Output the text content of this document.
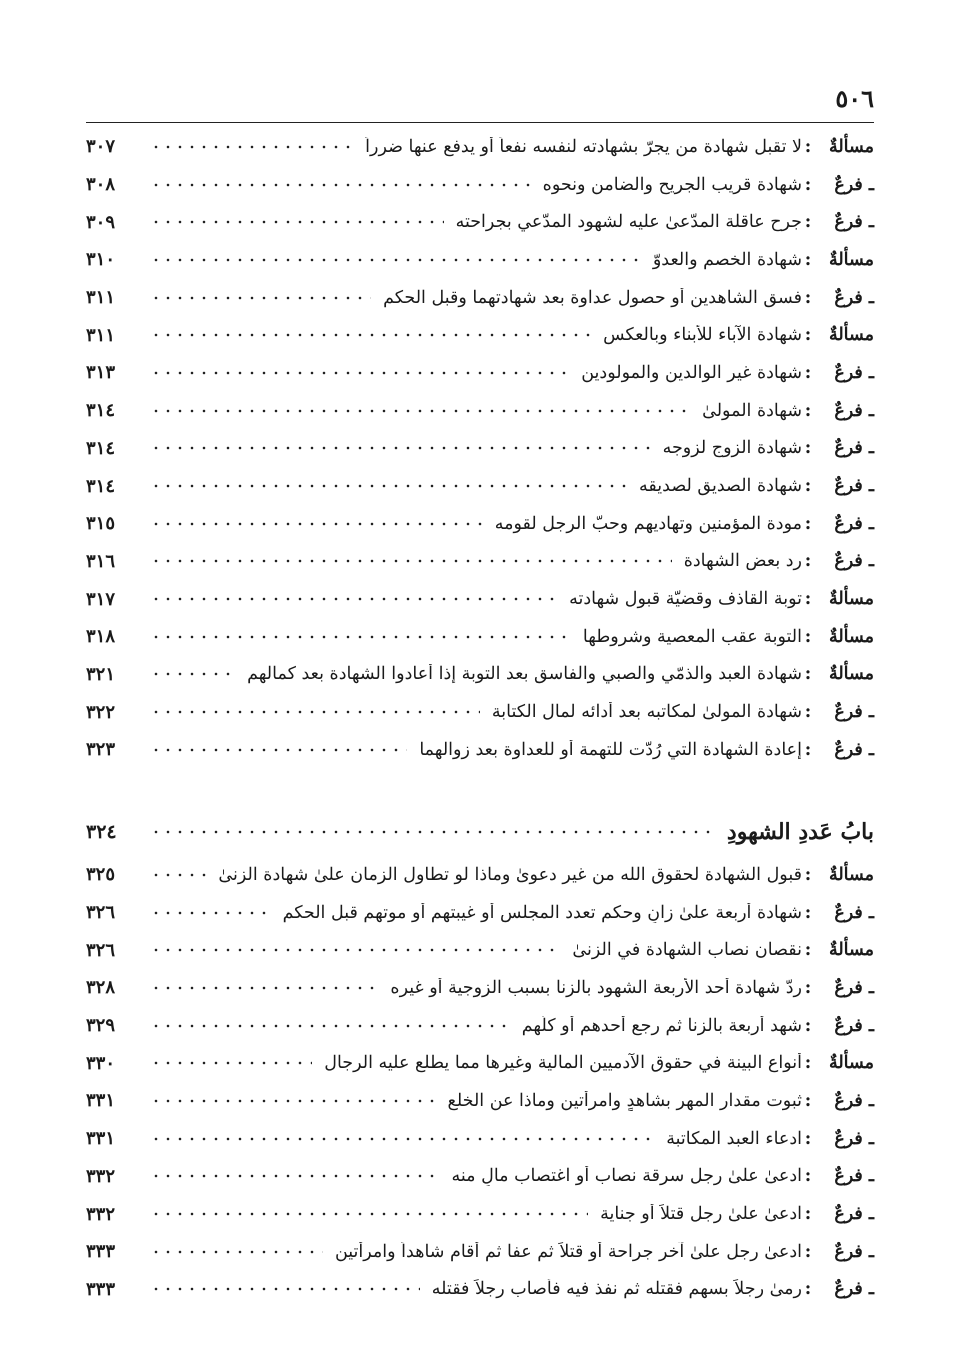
٥٠٦
مسألةٌ
:
لا تقبل شهادة من يجرّ بشهادته لنفسه نفعاً أو يدفع عنها ضرراً
٣٠٧
ـ فرعٌ
:
شهادة قريب الجريح والضامن ونحوه
٣٠٨
ـ فرعٌ
:
جرح عاقلة المدّعىٰ عليه لشهود المدّعي بجراحته
٣٠٩
مسألةٌ
:
شهادة الخصم والعدوّ
٣١٠
ـ فرعٌ
:
فسق الشاهدين أو حصول عداوة بعد شهادتهما وقبل الحكم
٣١١
مسألةٌ
:
شهادة الآباء للأبناء وبالعكس
٣١١
ـ فرعٌ
:
شهادة غير الوالدين والمولودين
٣١٣
ـ فرعٌ
:
شهادة المولىٰ
٣١٤
ـ فرعٌ
:
شهادة الزوج لزوجه
٣١٤
ـ فرعٌ
:
شهادة الصديق لصديقه
٣١٤
ـ فرعٌ
:
مودة المؤمنين وتهاديهم وحبّ الرجل لقومه
٣١٥
ـ فرعٌ
:
رد بعض الشهادة
٣١٦
مسألةٌ
:
توبة القاذف وقضيّة قبول شهادته
٣١٧
مسألةٌ
:
التوبة عقب المعصية وشروطها
٣١٨
مسألةٌ
:
شهادة العبد والذمّي والصبي والفاسق بعد التوبة إذا أعادوا الشهادة بعد كمالهم
٣٢١
ـ فرعٌ
:
شهادة المولىٰ لمكاتبه بعد أدائه لمال الكتابة
٣٢٢
ـ فرعٌ
:
إعادة الشهادة التي رُدّت للتهمة أو للعداوة بعد زوالهما
٣٢٣
بابُ عَددِ الشهودِ
٣٢٤
مسألةٌ
:
قبول الشهادة لحقوق الله من غير دعوىٰ وماذا لو تطاول الزمان علىٰ شهادة الزنىٰ
٣٢٥
ـ فرعٌ
:
شهادة أربعة علىٰ زانٍ وحكم تعدد المجلس أو غيبتهم أو موتهم قبل الحكم
٣٢٦
مسألةٌ
:
نقصان نصاب الشهادة في الزنىٰ
٣٢٦
ـ فرعٌ
:
ردّ شهادة أحد الأربعة الشهود بالزنا بسبب الزوجية أو غيره
٣٢٨
ـ فرعٌ
:
شهد أربعة بالزنا ثم رجع أحدهم أو كلّهم
٣٢٩
مسألةٌ
:
أنواع البينة في حقوق الآدميين المالية وغيرها مما يطلع عليه الرجال
٣٣٠
ـ فرعٌ
:
ثبوت مقدار المهر بشاهدٍ وامرأتين وماذا عن الخلع
٣٣١
ـ فرعٌ
:
ادعاء العبد المكاتبة
٣٣١
ـ فرعٌ
:
ادعىٰ علىٰ رجل سرقة نصاب أو اغتصاب مالٍ منه
٣٣٢
ـ فرعٌ
:
ادعىٰ علىٰ رجل قتلاً أو جناية
٣٣٢
ـ فرعٌ
:
ادعىٰ رجل علىٰ آخر جراحة أو قتلاً ثم عفا ثم أقام شاهداً وامرأتين
٣٣٣
ـ فرعٌ
:
رمىٰ رجلاً بسهم فقتله ثم نفذ فيه فأصاب رجلاً فقتله
٣٣٣
